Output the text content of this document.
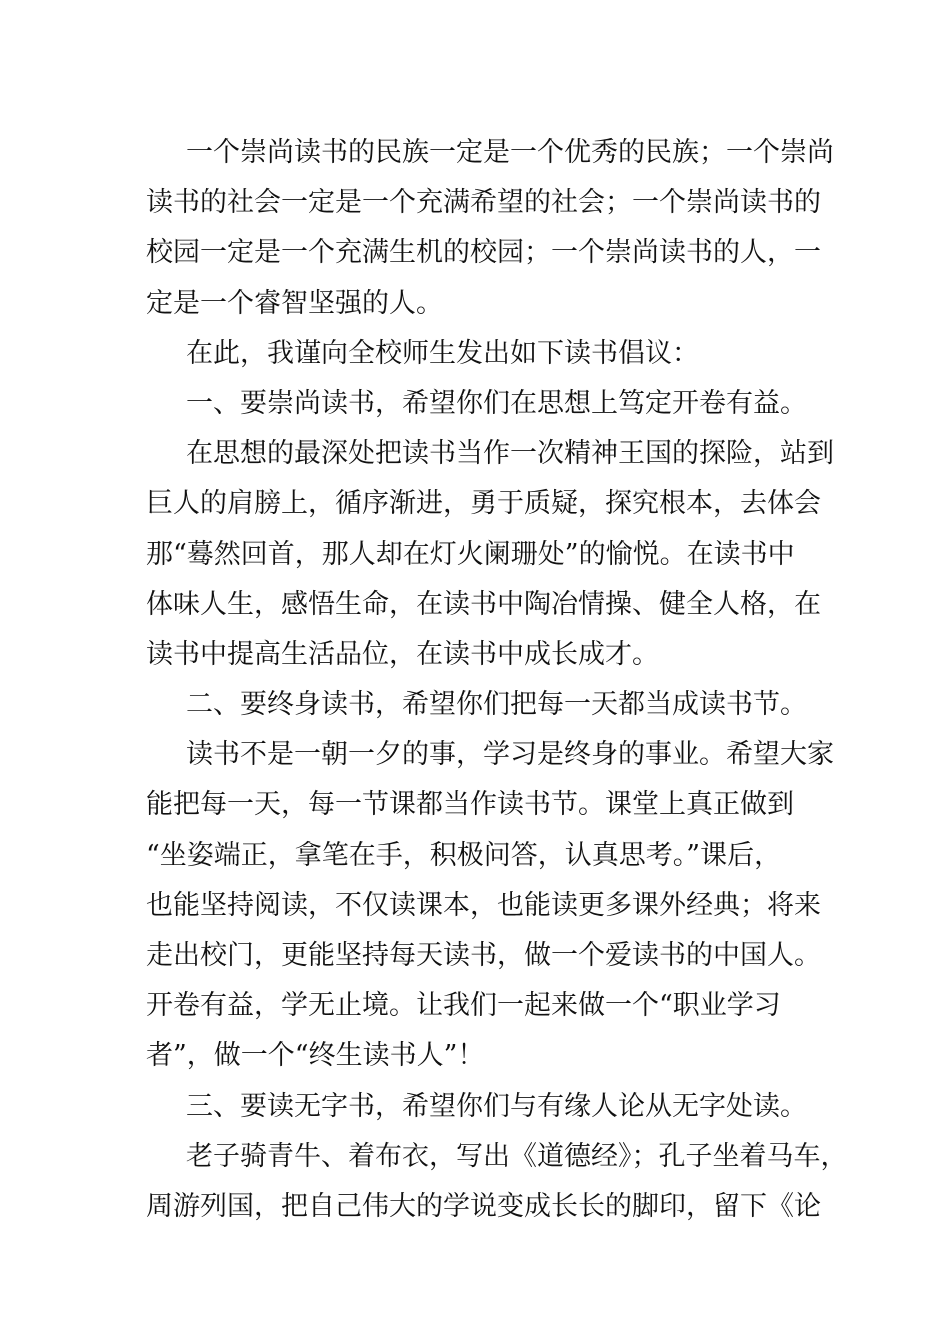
一个崇尚读书的民族一定是一个优秀的民族；一个崇尚
读书的社会一定是一个充满希望的社会；一个崇尚读书的
校园一定是一个充满生机的校园；一个崇尚读书的人，一
定是一个睿智坚强的人。
在此，我谨向全校师生发出如下读书倡议：
一、要崇尚读书，希望你们在思想上笃定开卷有益。
在思想的最深处把读书当作一次精神王国的探险，站到
巨人的肩膀上，循序渐进，勇于质疑，探究根本，去体会
那“蓦然回首，那人却在灯火阑珊处”的愉悦。在读书中
体味人生，感悟生命，在读书中陶冶情操、健全人格，在
读书中提高生活品位，在读书中成长成才。
二、要终身读书，希望你们把每一天都当成读书节。
读书不是一朝一夕的事，学习是终身的事业。希望大家
能把每一天，每一节课都当作读书节。课堂上真正做到
“坐姿端正，拿笔在手，积极问答，认真思考。”课后，
也能坚持阅读，不仅读课本，也能读更多课外经典；将来
走出校门，更能坚持每天读书，做一个爱读书的中国人。
开卷有益，学无止境。让我们一起来做一个“职业学习
者”，做一个“终生读书人”！
三、要读无字书，希望你们与有缘人论从无字处读。
老子骑青牛、着布衣，写出《道德经》；孔子坐着马车，
周游列国，把自己伟大的学说变成长长的脚印，留下《论
